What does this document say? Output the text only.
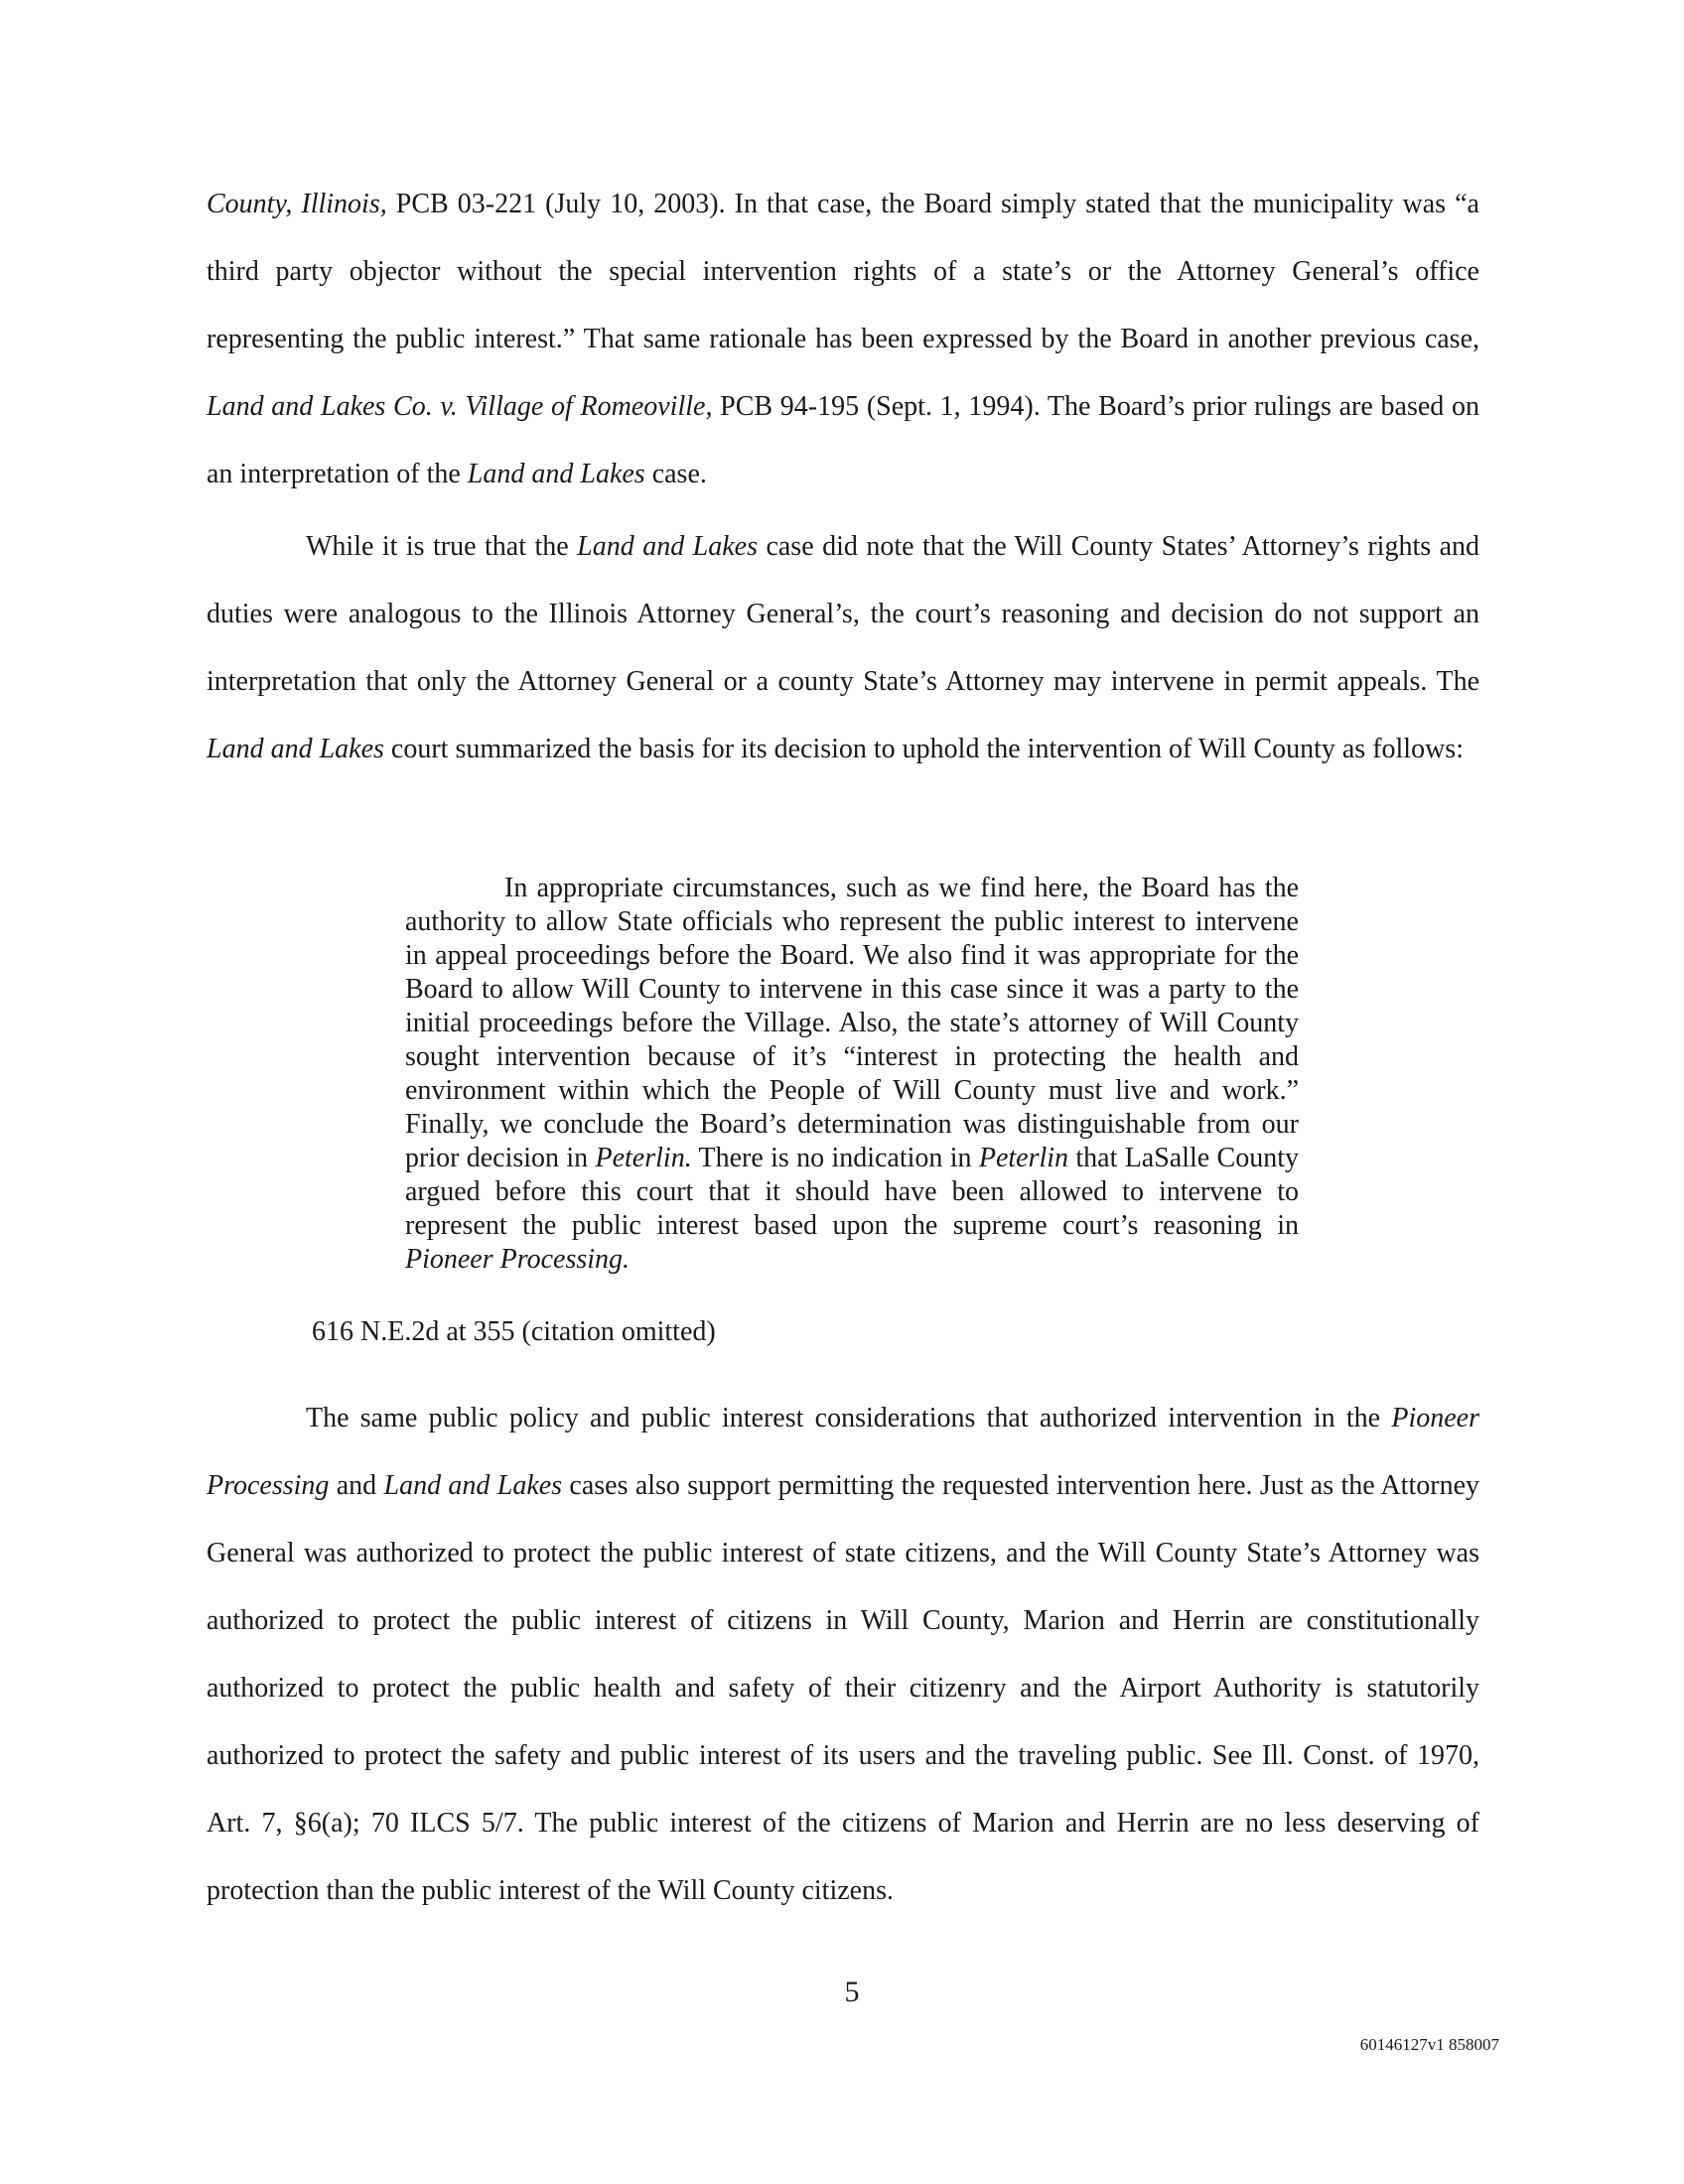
County, Illinois, PCB 03-221 (July 10, 2003). In that case, the Board simply stated that the municipality was “a third party objector without the special intervention rights of a state’s or the Attorney General’s office representing the public interest.” That same rationale has been expressed by the Board in another previous case, Land and Lakes Co. v. Village of Romeoville, PCB 94-195 (Sept. 1, 1994). The Board’s prior rulings are based on an interpretation of the Land and Lakes case.

While it is true that the Land and Lakes case did note that the Will County States’ Attorney’s rights and duties were analogous to the Illinois Attorney General’s, the court’s reasoning and decision do not support an interpretation that only the Attorney General or a county State’s Attorney may intervene in permit appeals. The Land and Lakes court summarized the basis for its decision to uphold the intervention of Will County as follows:

In appropriate circumstances, such as we find here, the Board has the authority to allow State officials who represent the public interest to intervene in appeal proceedings before the Board. We also find it was appropriate for the Board to allow Will County to intervene in this case since it was a party to the initial proceedings before the Village. Also, the state’s attorney of Will County sought intervention because of it’s “interest in protecting the health and environment within which the People of Will County must live and work.” Finally, we conclude the Board’s determination was distinguishable from our prior decision in Peterlin. There is no indication in Peterlin that LaSalle County argued before this court that it should have been allowed to intervene to represent the public interest based upon the supreme court’s reasoning in Pioneer Processing.

616 N.E.2d at 355 (citation omitted)

The same public policy and public interest considerations that authorized intervention in the Pioneer Processing and Land and Lakes cases also support permitting the requested intervention here. Just as the Attorney General was authorized to protect the public interest of state citizens, and the Will County State’s Attorney was authorized to protect the public interest of citizens in Will County, Marion and Herrin are constitutionally authorized to protect the public health and safety of their citizenry and the Airport Authority is statutorily authorized to protect the safety and public interest of its users and the traveling public. See Ill. Const. of 1970, Art. 7, §6(a); 70 ILCS 5/7. The public interest of the citizens of Marion and Herrin are no less deserving of protection than the public interest of the Will County citizens.

5
60146127v1 858007
